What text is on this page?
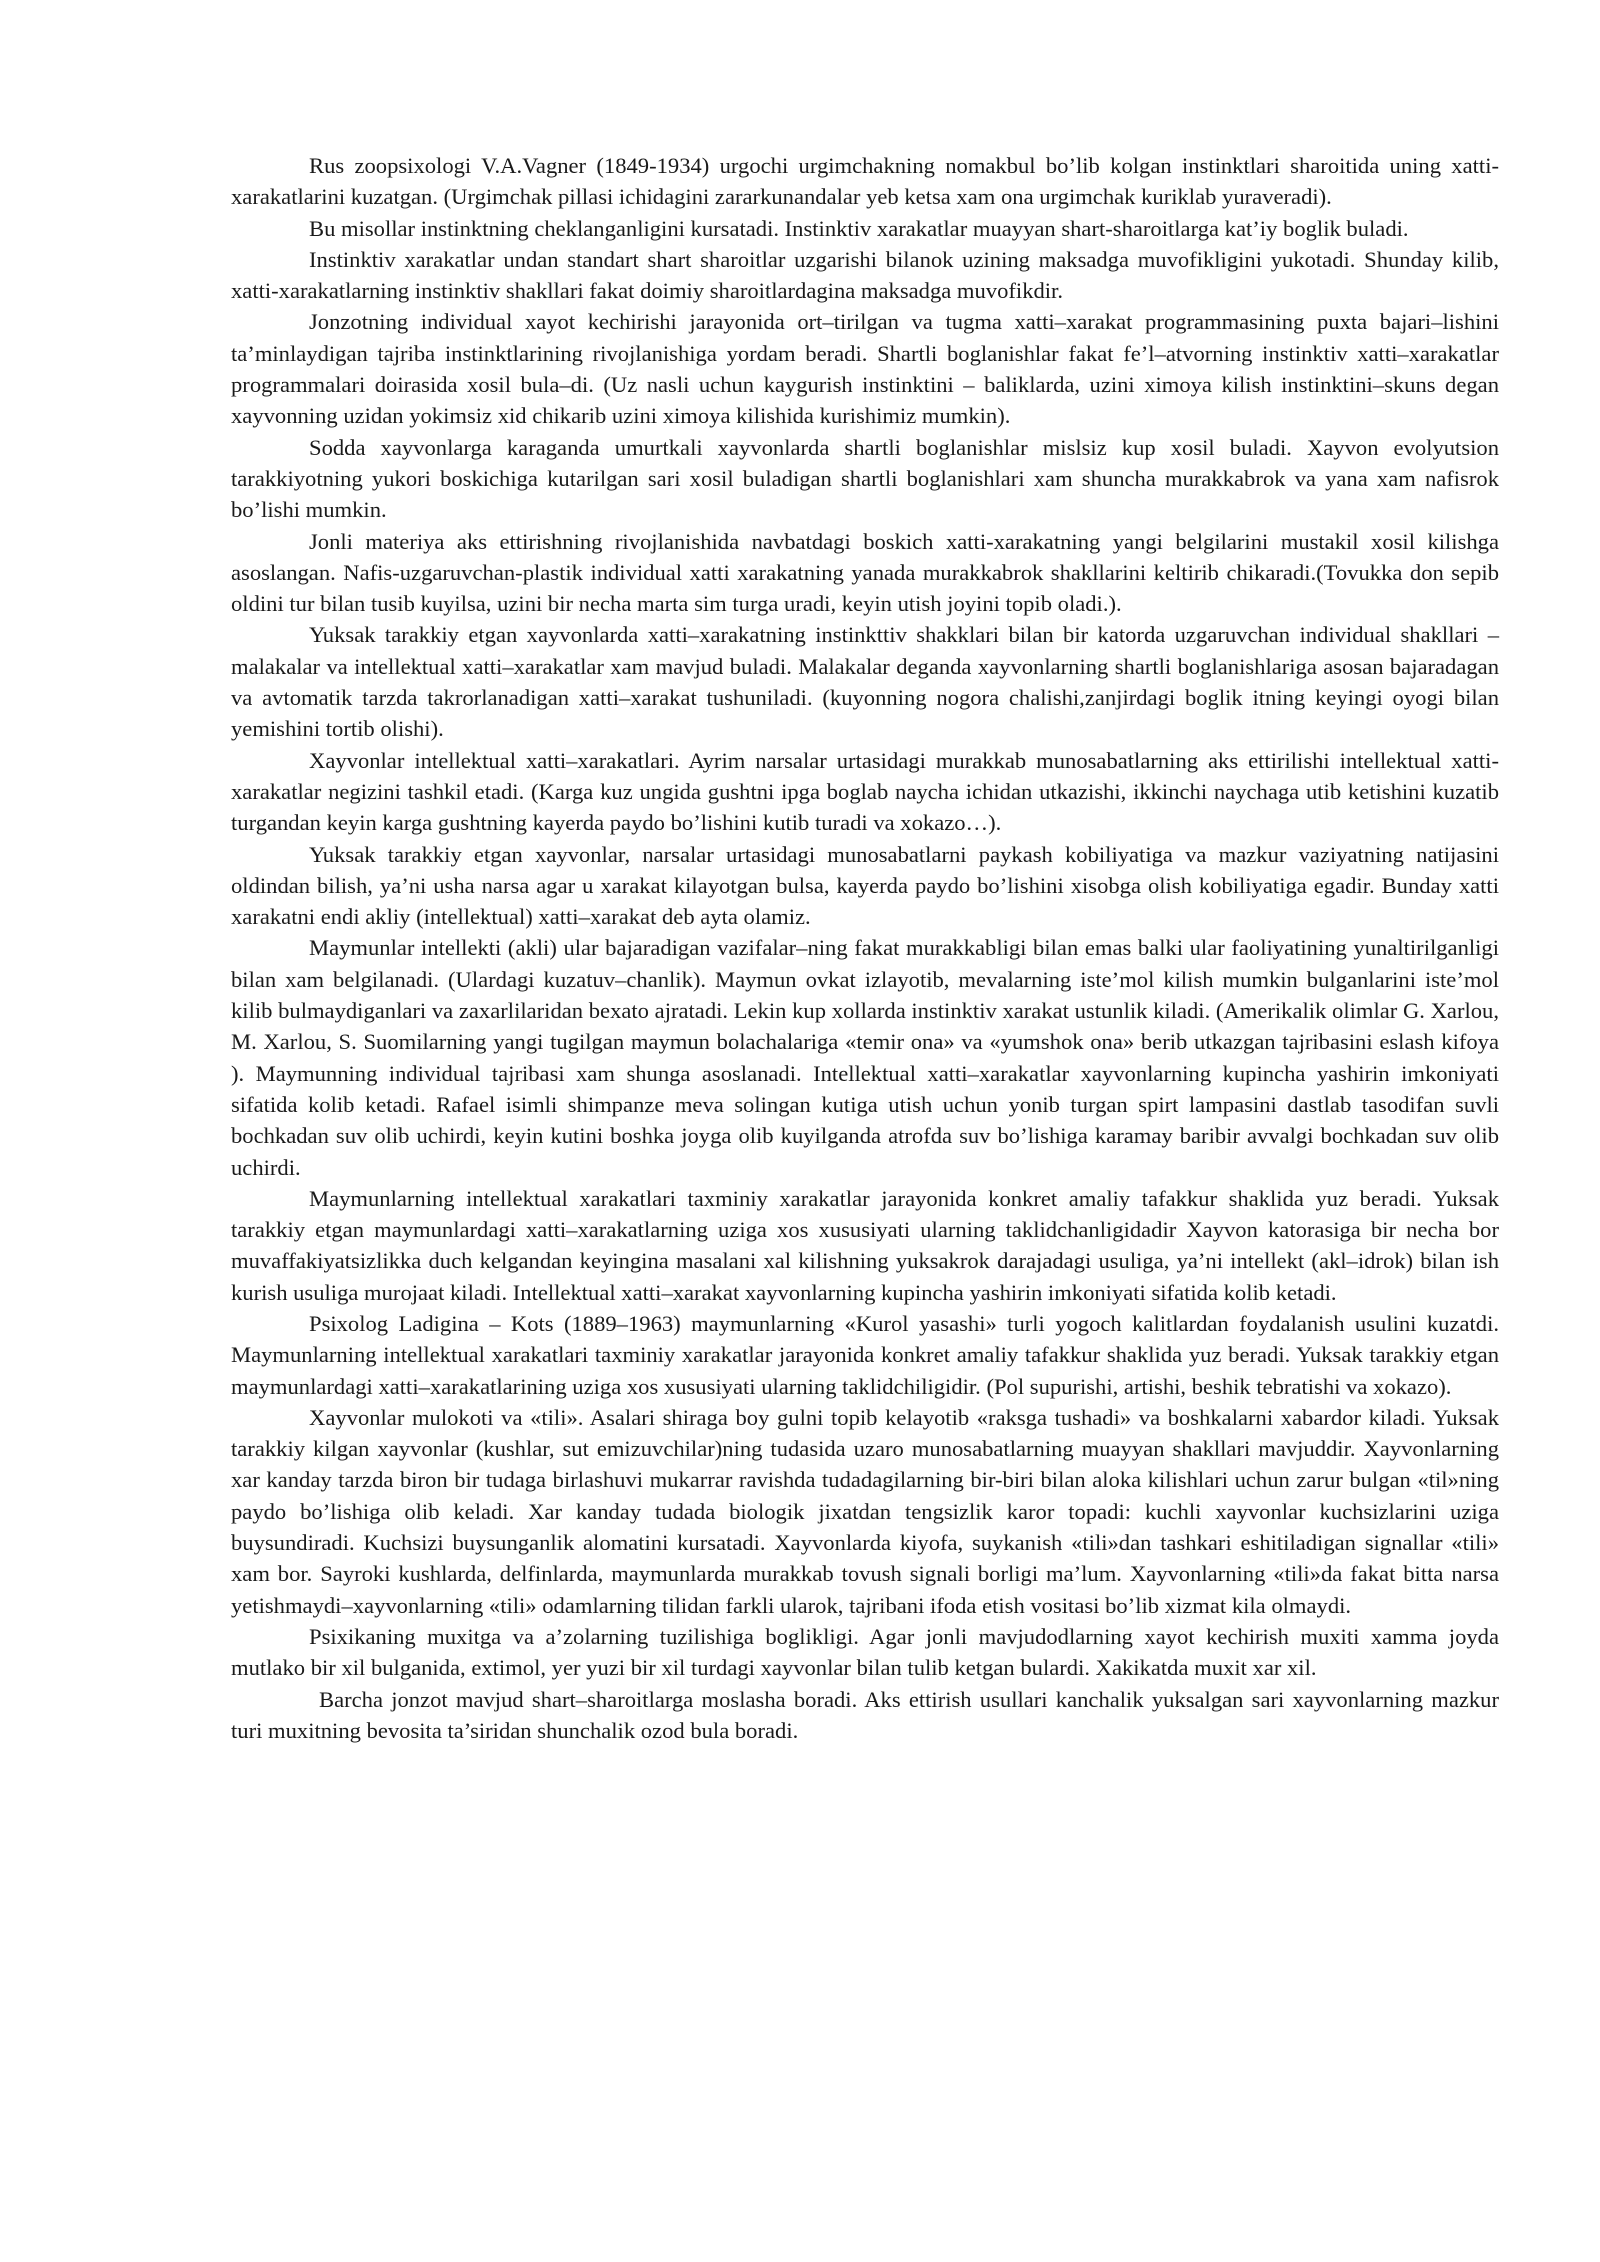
Rus zoopsixologi V.A.Vagner (1849-1934) urgochi urgimchakning nomakbul bo’lib kolgan instinktlari sharoitida uning xatti-xarakatlarini kuzatgan. (Urgimchak pillasi ichidagini zararkunandalar yeb ketsa xam ona urgimchak kuriklab yuraveradi).

Bu misollar instinktning cheklanganligini kursatadi. Instinktiv xarakatlar muayyan shart-sharoitlarga kat’iy boglik buladi.

Instinktiv xarakatlar undan standart shart sharoitlar uzgarishi bilanok uzining maksadga muvofikligini yukotadi. Shunday kilib, xatti-xarakatlarning instinktiv shakllari fakat doimiy sharoitlardagina maksadga muvofikdir.

Jonzotning individual xayot kechirishi jarayonida ort–tirilgan va tugma xatti–xarakat programmasining puxta bajari–lishini ta’minlaydigan tajriba instinktlarining rivojlanishiga yordam beradi. Shartli boglanishlar fakat fe’l–atvorning instinktiv xatti–xarakatlar programmalari doirasida xosil bula–di. (Uz nasli uchun kaygurish instinktini – baliklarda, uzini ximoya kilish instinktini–skuns degan xayvonning uzidan yokimsiz xid chikarib uzini ximoya kilishida kurishimiz mumkin).

Sodda xayvonlarga karaganda umurtkali xayvonlarda shartli boglanishlar mislsiz kup xosil buladi. Xayvon evolyutsion tarakkiyotning yukori boskichiga kutarilgan sari xosil buladigan shartli boglanishlari xam shuncha murakkabrok va yana xam nafisrok bo’lishi mumkin.

Jonli materiya aks ettirishning rivojlanishida navbatdagi boskich xatti-xarakatning yangi belgilarini mustakil xosil kilishga asoslangan. Nafis-uzgaruvchan-plastik individual xatti xarakatning yanada murakkabrok shakllarini keltirib chikaradi.(Tovukka don sepib oldini tur bilan tusib kuyilsa, uzini bir necha marta sim turga uradi, keyin utish joyini topib oladi.).

Yuksak tarakkiy etgan xayvonlarda xatti–xarakatning instinkttiv shakklari bilan bir katorda uzgaruvchan individual shakllari – malakalar va intellektual xatti–xarakatlar xam mavjud buladi. Malakalar deganda xayvonlarning shartli boglanishlariga asosan bajaradagan va avtomatik tarzda takrorlanadigan xatti–xarakat tushuniladi. (kuyonning nogora chalishi,zanjirdagi boglik itning keyingi oyogi bilan yemishini tortib olishi).

Xayvonlar intellektual xatti–xarakatlari. Ayrim narsalar urtasidagi murakkab munosabatlarning aks ettirilishi intellektual xatti-xarakatlar negizini tashkil etadi. (Karga kuz ungida gushtni ipga boglab naycha ichidan utkazishi, ikkinchi naychaga utib ketishini kuzatib turgandan keyin karga gushtning kayerda paydo bo’lishini kutib turadi va xokazo…).

Yuksak tarakkiy etgan xayvonlar, narsalar urtasidagi munosabatlarni paykash kobiliyatiga va mazkur vaziyatning natijasini oldindan bilish, ya’ni usha narsa agar u xarakat kilayotgan bulsa, kayerda paydo bo’lishini xisobga olish kobiliyatiga egadir. Bunday xatti xarakatni endi akliy (intellektual) xatti–xarakat deb ayta olamiz.

Maymunlar intellekti (akli) ular bajaradigan vazifalar–ning fakat murakkabligi bilan emas balki ular faoliyatining yunaltirilganligi bilan xam belgilanadi. (Ulardagi kuzatuv–chanlik). Maymun ovkat izlayotib, mevalarning iste’mol kilish mumkin bulganlarini iste’mol kilib bulmaydiganlari va zaxarlilaridan bexato ajratadi. Lekin kup xollarda instinktiv xarakat ustunlik kiladi. (Amerikalik olimlar G. Xarlou, M. Xarlou, S. Suomilarning yangi tugilgan maymun bolachalariga «temir ona» va «yumshok ona» berib utkazgan tajribasini eslash kifoya ). Maymunning individual tajribasi xam shunga asoslanadi. Intellektual xatti–xarakatlar xayvonlarning kupincha yashirin imkoniyati sifatida kolib ketadi. Rafael isimli shimpanze meva solingan kutiga utish uchun yonib turgan spirt lampasini dastlab tasodifan suvli bochkadan suv olib uchirdi, keyin kutini boshka joyga olib kuyilganda atrofda suv bo’lishiga karamay baribir avvalgi bochkadan suv olib uchirdi.

Maymunlarning intellektual xarakatlari taxminiy xarakatlar jarayonida konkret amaliy tafakkur shaklida yuz beradi. Yuksak tarakkiy etgan maymunlardagi xatti–xarakatlarning uziga xos xususiyati ularning taklidchanligidadir Xayvon katorasiga bir necha bor muvaffakiyatsizlikka duch kelgandan keyingina masalani xal kilishning yuksakrok darajadagi usuliga, ya’ni intellekt (akl–idrok) bilan ish kurish usuliga murojaat kiladi. Intellektual xatti–xarakat xayvonlarning kupincha yashirin imkoniyati sifatida kolib ketadi.

Psixolog Ladigina – Kots (1889–1963) maymunlarning «Kurol yasashi» turli yogoch kalitlardan foydalanish usulini kuzatdi. Maymunlarning intellektual xarakatlari taxminiy xarakatlar jarayonida konkret amaliy tafakkur shaklida yuz beradi. Yuksak tarakkiy etgan maymunlardagi xatti–xarakatlarining uziga xos xususiyati ularning taklidchiligidir. (Pol supurishi, artishi, beshik tebratishi va xokazo).

Xayvonlar mulokoti va «tili». Asalari shiraga boy gulni topib kelayotib «raksga tushadi» va boshkalarni xabardor kiladi. Yuksak tarakkiy kilgan xayvonlar (kushlar, sut emizuvchilar)ning tudasida uzaro munosabatlarning muayyan shakllari mavjuddir. Xayvonlarning xar kanday tarzda biron bir tudaga birlashuvi mukarrar ravishda tudadagilarning bir-biri bilan aloka kilishlari uchun zarur bulgan «til»ning paydo bo’lishiga olib keladi. Xar kanday tudada biologik jixatdan tengsizlik karor topadi: kuchli xayvonlar kuchsizlarini uziga buysundiradi. Kuchsizi buysunganlik alomatini kursatadi. Xayvonlarda kiyofa, suykanish «tili»dan tashkari eshitiladigan signallar «tili» xam bor. Sayroki kushlarda, delfinlarda, maymunlarda murakkab tovush signali borligi ma’lum. Xayvonlarning «tili»da fakat bitta narsa yetishmaydi–xayvonlarning «tili» odamlarning tilidan farkli ularok, tajribani ifoda etish vositasi bo’lib xizmat kila olmaydi.

Psixikaning muxitga va a’zolarning tuzilishiga boglikligi. Agar jonli mavjudodlarning xayot kechirish muxiti xamma joyda mutlako bir xil bulganida, extimol, yer yuzi bir xil turdagi xayvonlar bilan tulib ketgan bulardi. Xakikatda muxit xar xil.

Barcha jonzot mavjud shart–sharoitlarga moslasha boradi. Aks ettirish usullari kanchalik yuksalgan sari xayvonlarning mazkur turi muxitning bevosita ta’siridan shunchalik ozod bula boradi.
